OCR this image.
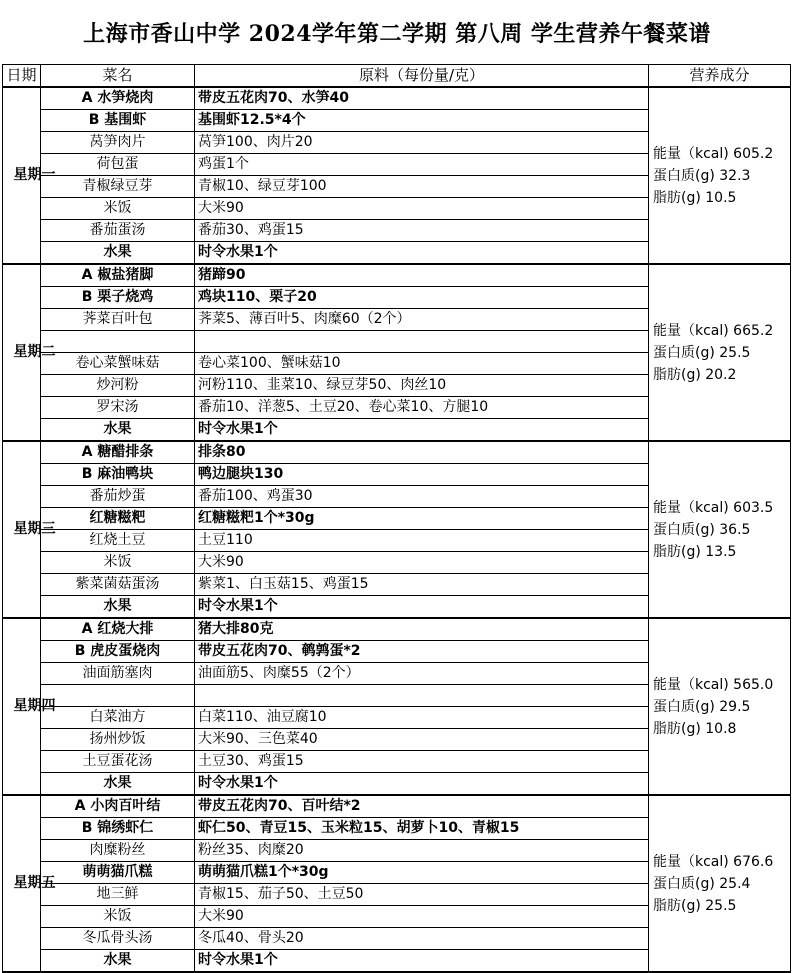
上海市香山中学 2024学年第二学期 第八周 学生营养午餐菜谱
日期	菜名	原料（每份量/克）	营养成分
星期一	A 水笋烧肉	带皮五花肉70、水笋40	能量（kcal) 605.2
蛋白质(g) 32.3
脂肪(g) 10.5

	B 基围虾	基围虾12.5*4个	
	莴笋肉片	莴笋100、肉片20	
	荷包蛋	鸡蛋1个	
	青椒绿豆芽	青椒10、绿豆芽100	
	米饭	大米90	
	番茄蛋汤	番茄30、鸡蛋15	
	水果	时令水果1个	
星期二	A 椒盐猪脚	猪蹄90	能量（kcal) 665.2
蛋白质(g) 25.5
脂肪(g) 20.2

	B 栗子烧鸡	鸡块110、栗子20	
	荠菜百叶包	荠菜5、薄百叶5、肉糜60（2个）	

	卷心菜蟹味菇	卷心菜100、蟹味菇10	
	炒河粉	河粉110、韭菜10、绿豆芽50、肉丝10	
	罗宋汤	番茄10、洋葱5、土豆20、卷心菜10、方腿10	
	水果	时令水果1个	
星期三	A 糖醋排条	排条80	能量（kcal) 603.5
蛋白质(g) 36.5
脂肪(g) 13.5

	B 麻油鸭块	鸭边腿块130	
	番茄炒蛋	番茄100、鸡蛋30	
	红糖糍粑	红糖糍粑1个*30g	
	红烧土豆	土豆110	
	米饭	大米90	
	紫菜菌菇蛋汤	紫菜1、白玉菇15、鸡蛋15	
	水果	时令水果1个	
星期四	A 红烧大排	猪大排80克	能量（kcal) 565.0
蛋白质(g) 29.5
脂肪(g) 10.8

	B 虎皮蛋烧肉	带皮五花肉70、鹌鹑蛋*2	
	油面筋塞肉	油面筋5、肉糜55（2个）	

	白菜油方	白菜110、油豆腐10	
	扬州炒饭	大米90、三色菜40	
	土豆蛋花汤	土豆30、鸡蛋15	
	水果	时令水果1个	
星期五	A 小肉百叶结	带皮五花肉70、百叶结*2	能量（kcal) 676.6
蛋白质(g) 25.4
脂肪(g) 25.5

	B 锦绣虾仁	虾仁50、青豆15、玉米粒15、胡萝卜10、青椒15	
	肉糜粉丝	粉丝35、肉糜20	
	萌萌猫爪糕	萌萌猫爪糕1个*30g	
	地三鲜	青椒15、茄子50、土豆50	
	米饭	大米90	
	冬瓜骨头汤	冬瓜40、骨头20	
	水果	时令水果1个	
